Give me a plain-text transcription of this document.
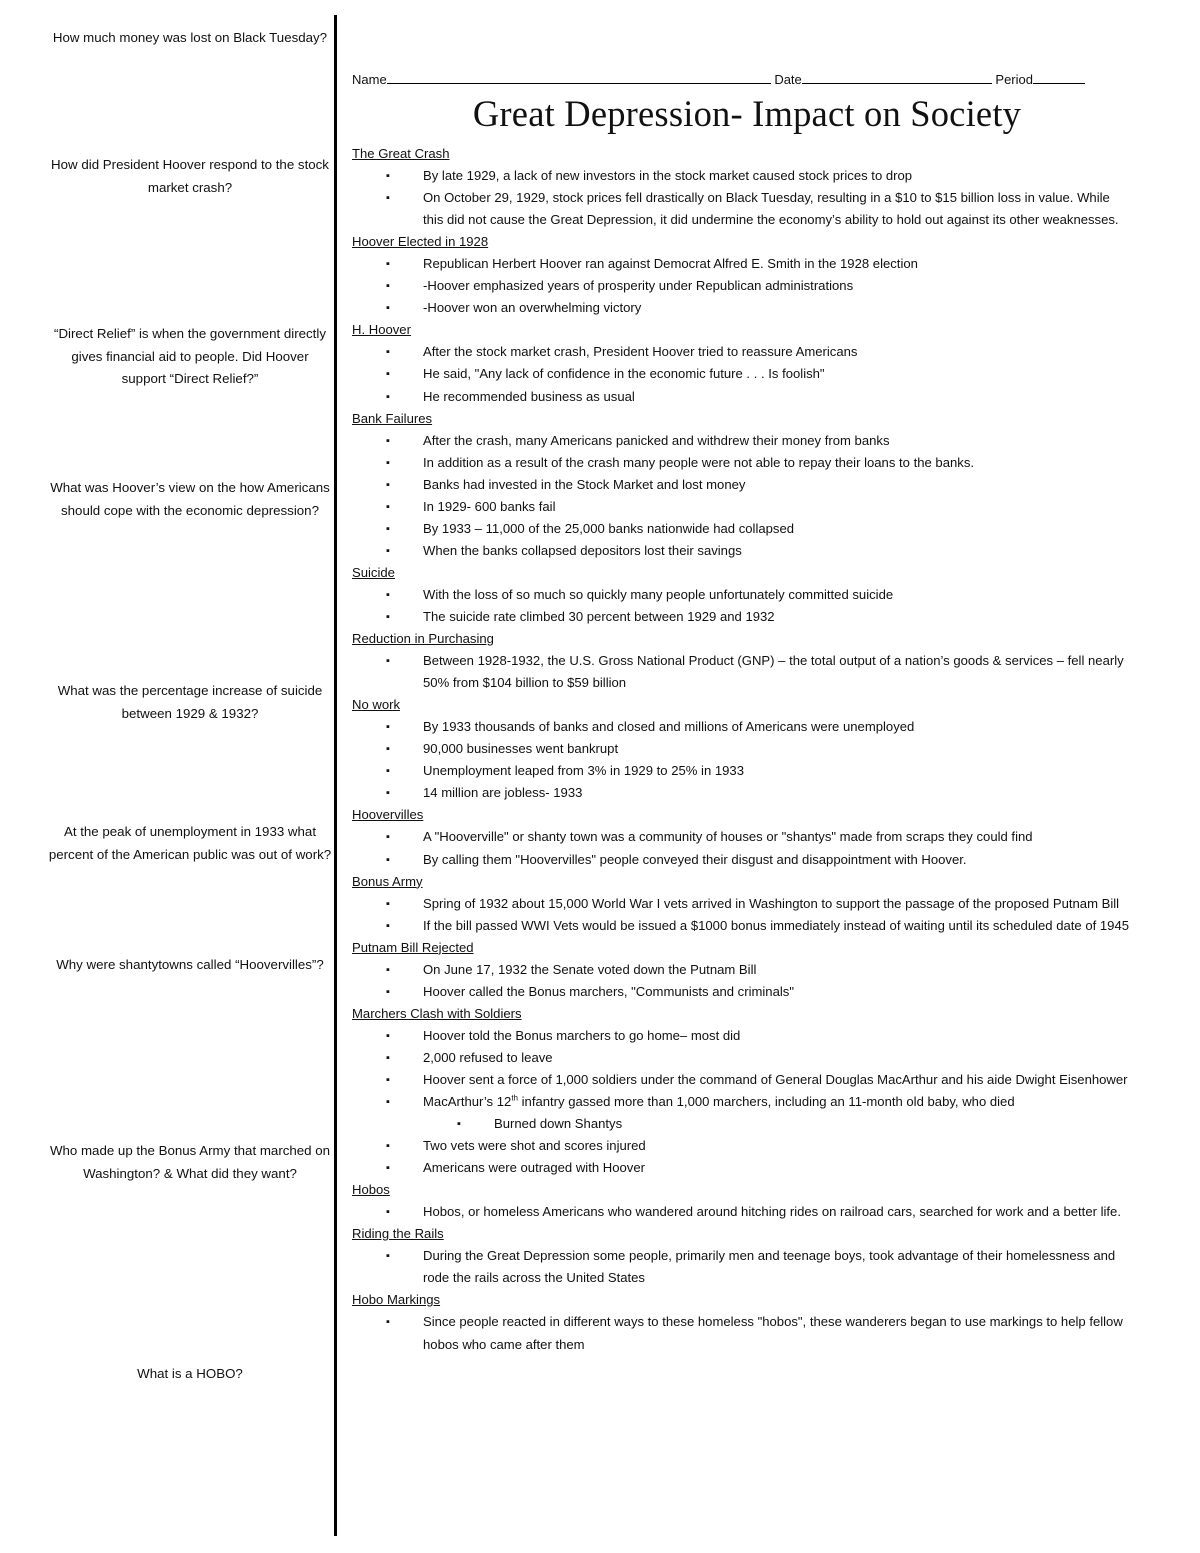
How much money was lost on Black Tuesday?
How did President Hoover respond to the stock market crash?
“Direct Relief” is when the government directly gives financial aid to people. Did Hoover support “Direct Relief?”
What was Hoover’s view on the how Americans should cope with the economic depression?
What was the percentage increase of suicide between 1929 & 1932?
At the peak of unemployment in 1933 what percent of the American public was out of work?
Why were shantytowns called “Hoovervilles”?
Who made up the Bonus Army that marched on Washington? & What did they want?
What is a HOBO?
Name	Date	Period
Great Depression- Impact on Society
The Great Crash
▪ By late 1929, a lack of new investors in the stock market caused stock prices to drop
▪ On October 29, 1929, stock prices fell drastically on Black Tuesday, resulting in a $10 to $15 billion loss in value. While this did not cause the Great Depression, it did undermine the economy’s ability to hold out against its other weaknesses.
Hoover Elected in 1928
▪ Republican Herbert Hoover ran against Democrat Alfred E. Smith in the 1928 election
▪ -Hoover emphasized years of prosperity under Republican administrations
▪ -Hoover won an overwhelming victory
H. Hoover
▪ After the stock market crash, President Hoover tried to reassure Americans
▪ He said, "Any lack of confidence in the economic future . . . Is foolish"
▪ He recommended business as usual
Bank Failures
▪ After the crash, many Americans panicked and withdrew their money from banks
▪ In addition as a result of the crash many people were not able to repay their loans to the banks.
▪ Banks had invested in the Stock Market and lost money
▪ In 1929- 600 banks fail
▪ By 1933 – 11,000 of the 25,000 banks nationwide had collapsed
▪ When the banks collapsed depositors lost their savings
Suicide
▪ With the loss of so much so quickly many people unfortunately committed suicide
▪ The suicide rate climbed 30 percent between 1929 and 1932
Reduction in Purchasing
▪ Between 1928-1932, the U.S. Gross National Product (GNP) – the total output of a nation’s goods & services – fell nearly 50% from $104 billion to $59 billion
No work
▪ By 1933 thousands of banks and closed and millions of Americans were unemployed
▪ 90,000 businesses went bankrupt
▪ Unemployment leaped from 3% in 1929 to 25% in 1933
▪ 14 million are jobless- 1933
Hoovervilles
▪ A "Hooverville" or shanty town was a community of houses or "shantys" made from scraps they could find
▪ By calling them "Hoovervilles" people conveyed their disgust and disappointment with Hoover.
Bonus Army
▪ Spring of 1932 about 15,000 World War I vets arrived in Washington to support the passage of the proposed Putnam Bill
▪ If the bill passed WWI Vets would be issued a $1000 bonus immediately instead of waiting until its scheduled date of 1945
Putnam Bill Rejected
▪ On June 17, 1932 the Senate voted down the Putnam Bill
▪ Hoover called the Bonus marchers, "Communists and criminals"
Marchers Clash with Soldiers
▪ Hoover told the Bonus marchers to go home– most did
▪ 2,000 refused to leave
▪ Hoover sent a force of 1,000 soldiers under the command of General Douglas MacArthur and his aide Dwight Eisenhower
▪ MacArthur’s 12th infantry gassed more than 1,000 marchers, including an 11-month old baby, who died
▪ Burned down Shantys
▪ Two vets were shot and scores injured
▪ Americans were outraged with Hoover
Hobos
▪ Hobos, or homeless Americans who wandered around hitching rides on railroad cars, searched for work and a better life.
Riding the Rails
▪ During the Great Depression some people, primarily men and teenage boys, took advantage of their homelessness and rode the rails across the United States
Hobo Markings
▪ Since people reacted in different ways to these homeless "hobos", these wanderers began to use markings to help fellow hobos who came after them
